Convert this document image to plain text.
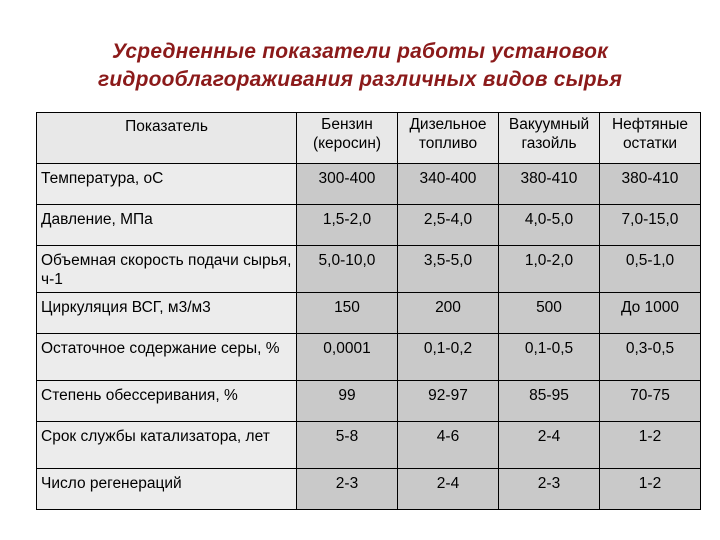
Усредненные показатели работы установок
гидрооблагораживания различных видов сырья
Показатель	Бензин (керосин)	Дизельное топливо	Вакуумный газойль	Нефтяные остатки
Температура, оС	300-400	340-400	380-410	380-410
Давление, МПа	1,5-2,0	2,5-4,0	4,0-5,0	7,0-15,0
Объемная скорость подачи сырья, ч-1	5,0-10,0	3,5-5,0	1,0-2,0	0,5-1,0
Циркуляция ВСГ, м3/м3	150	200	500	До 1000
Остаточное содержание серы, %	0,0001	0,1-0,2	0,1-0,5	0,3-0,5
Степень обессеривания, %	99	92-97	85-95	70-75
Срок службы катализатора, лет	5-8	4-6	2-4	1-2
Число регенераций	2-3	2-4	2-3	1-2
